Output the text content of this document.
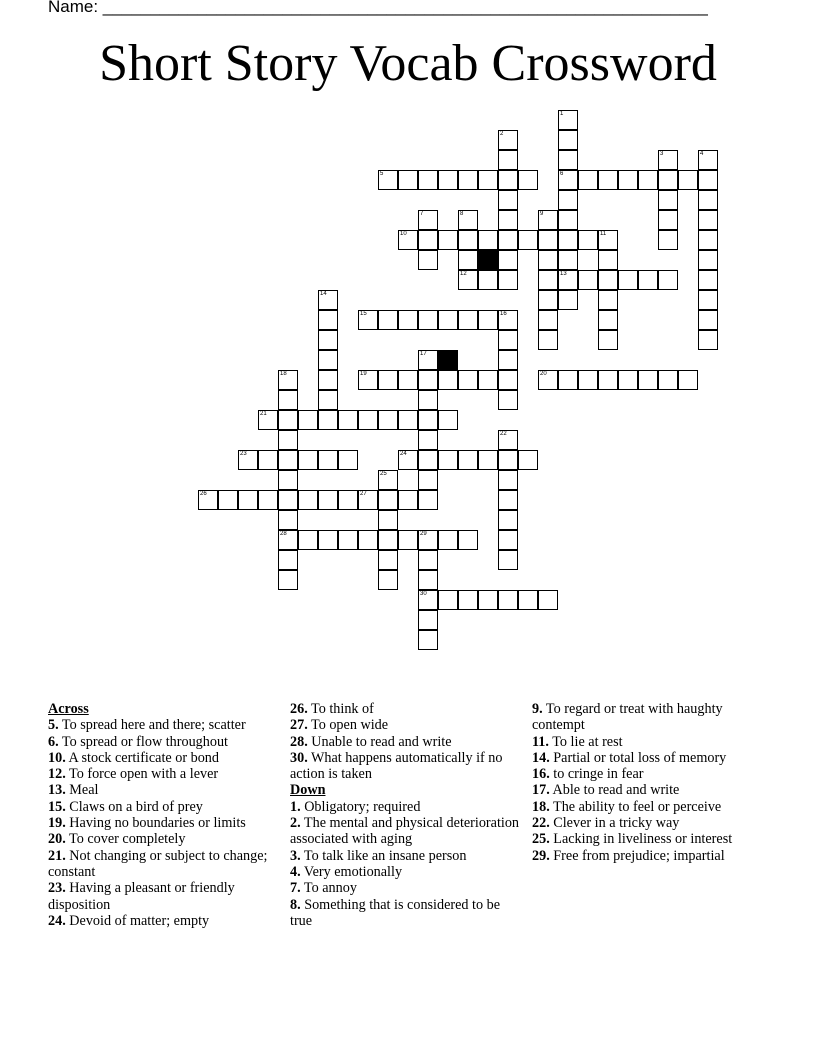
Name: ________________________________________________________________
Short Story Vocab Crossword
1
6
13
2
3	4
5
7	8	9
10	11
12
14
15	16
17
18
28
19	20
21
22
23	24
25
26	27
29
30

Across

5. To spread here and there; scatter

6. To spread or flow throughout

10. A stock certificate or bond

12. To force open with a lever

13. Meal

15. Claws on a bird of prey

19. Having no boundaries or limits

20. To cover completely

21. Not changing or subject to change; constant

23. Having a pleasant or friendly disposition

24. Devoid of matter; empty

26. To think of

27. To open wide

28. Unable to read and write

30. What happens automatically if no action is taken

Down

1. Obligatory; required

2. The mental and physical deterioration associated with aging

3. To talk like an insane person

4. Very emotionally

7. To annoy

8. Something that is considered to be true

9. To regard or treat with haughty contempt

11. To lie at rest

14. Partial or total loss of memory

16. to cringe in fear

17. Able to read and write

18. The ability to feel or perceive

22. Clever in a tricky way

25. Lacking in liveliness or interest

29. Free from prejudice; impartial
